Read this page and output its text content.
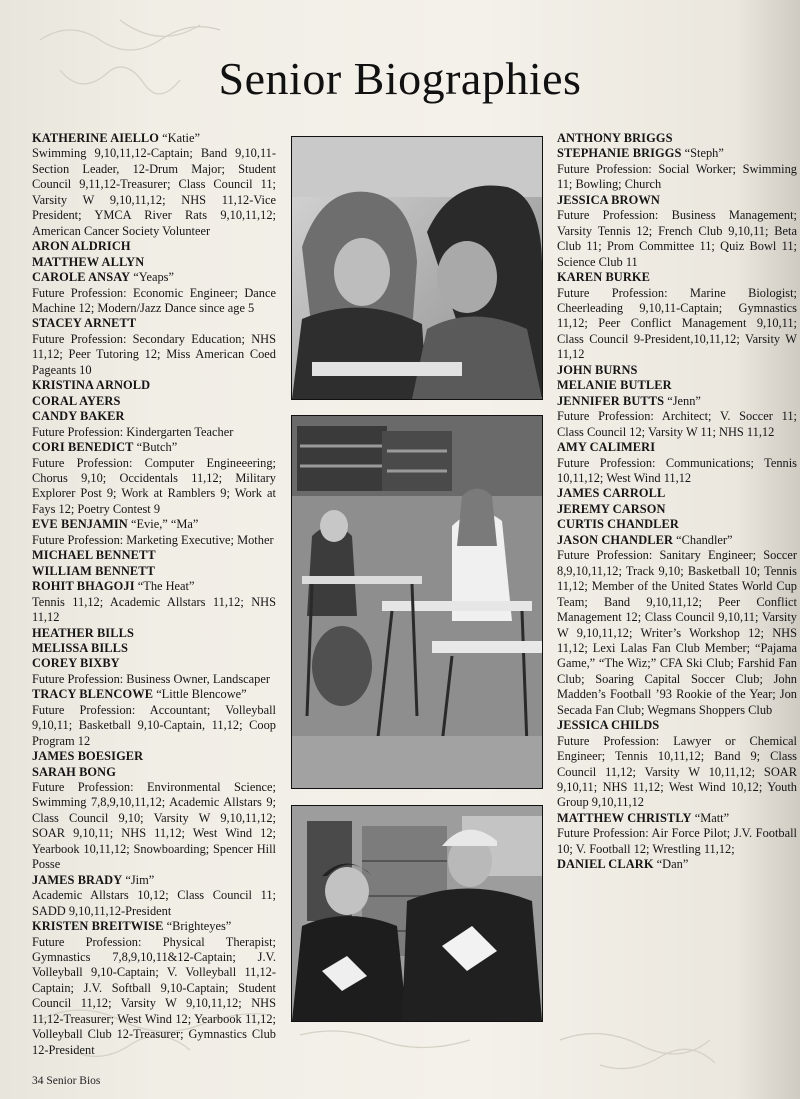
Senior Biographies

KATHERINE AIELLO “Katie”
Swimming 9,10,11,12-Captain; Band 9,10,11-Section Leader, 12-Drum Major; Student Council 9,11,12-Treasurer; Class Council 11; Varsity W 9,10,11,12; NHS 11,12-Vice President; YMCA River Rats 9,10,11,12; American Cancer Society Volunteer

ARON ALDRICH

MATTHEW ALLYN

CAROLE ANSAY “Yeaps”
Future Profession: Economic Engineer; Dance Machine 12; Modern/Jazz Dance since age 5

STACEY ARNETT
Future Profession: Secondary Education; NHS 11,12; Peer Tutoring 12; Miss American Coed Pageants 10

KRISTINA ARNOLD

CORAL AYERS

CANDY BAKER
Future Profession: Kindergarten Teacher

CORI BENEDICT “Butch”
Future Profession: Computer Engineeering; Chorus 9,10; Occidentals 11,12; Military Explorer Post 9; Work at Ramblers 9; Work at Fays 12; Poetry Contest 9

EVE BENJAMIN “Evie,” “Ma”
Future Profession: Marketing Executive; Mother

MICHAEL BENNETT

WILLIAM BENNETT

ROHIT BHAGOJI “The Heat”
Tennis 11,12; Academic Allstars 11,12; NHS 11,12

HEATHER BILLS

MELISSA BILLS

COREY BIXBY
Future Profession: Business Owner, Landscaper

TRACY BLENCOWE “Little Blencowe”
Future Profession: Accountant; Volleyball 9,10,11; Basketball 9,10-Captain, 11,12; Coop Program 12

JAMES BOESIGER

SARAH BONG
Future Profession: Environmental Science; Swimming 7,8,9,10,11,12; Academic Allstars 9; Class Council 9,10; Varsity W 9,10,11,12; SOAR 9,10,11; NHS 11,12; West Wind 12; Yearbook 10,11,12; Snowboarding; Spencer Hill Posse

JAMES BRADY “Jim”
Academic Allstars 10,12; Class Council 11; SADD 9,10,11,12-President

KRISTEN BREITWISE “Brighteyes”
Future Profession: Physical Therapist; Gymnastics 7,8,9,10,11&12-Captain; J.V. Volleyball 9,10-Captain; V. Volleyball 11,12-Captain; J.V. Softball 9,10-Captain; Student Council 11,12; Varsity W 9,10,11,12; NHS 11,12-Treasurer; West Wind 12; Yearbook 11,12; Volleyball Club 12-Treasurer; Gymnastics Club 12-President

ANTHONY BRIGGS

STEPHANIE BRIGGS “Steph”
Future Profession: Social Worker; Swimming 11; Bowling; Church

JESSICA BROWN
Future Profession: Business Management; Varsity Tennis 12; French Club 9,10,11; Beta Club 11; Prom Committee 11; Quiz Bowl 11; Science Club 11

KAREN BURKE
Future Profession: Marine Biologist; Cheerleading 9,10,11-Captain; Gymnastics 11,12; Peer Conflict Management 9,10,11; Class Council 9-President,10,11,12; Varsity W 11,12

JOHN BURNS

MELANIE BUTLER

JENNIFER BUTTS “Jenn”
Future Profession: Architect; V. Soccer 11; Class Council 12; Varsity W 11; NHS 11,12

AMY CALIMERI
Future Profession: Communications; Tennis 10,11,12; West Wind 11,12

JAMES CARROLL

JEREMY CARSON

CURTIS CHANDLER

JASON CHANDLER “Chandler”
Future Profession: Sanitary Engineer; Soccer 8,9,10,11,12; Track 9,10; Basketball 10; Tennis 11,12; Member of the United States World Cup Team; Band 9,10,11,12; Peer Conflict Management 12; Class Council 9,10,11; Varsity W 9,10,11,12; Writer’s Workshop 12; NHS 11,12; Lexi Lalas Fan Club Member; “Pajama Game,” “The Wiz;” CFA Ski Club; Farshid Fan Club; Soaring Capital Soccer Club; John Madden’s Football ’93 Rookie of the Year; Jon Secada Fan Club; Wegmans Shoppers Club

JESSICA CHILDS
Future Profession: Lawyer or Chemical Engineer; Tennis 10,11,12; Band 9; Class Council 11,12; Varsity W 10,11,12; SOAR 9,10,11; NHS 11,12; West Wind 10,12; Youth Group 9,10,11,12

MATTHEW CHRISTLY “Matt”
Future Profession: Air Force Pilot; J.V. Football 10; V. Football 12; Wrestling 11,12;

DANIEL CLARK “Dan”

34 Senior Bios
